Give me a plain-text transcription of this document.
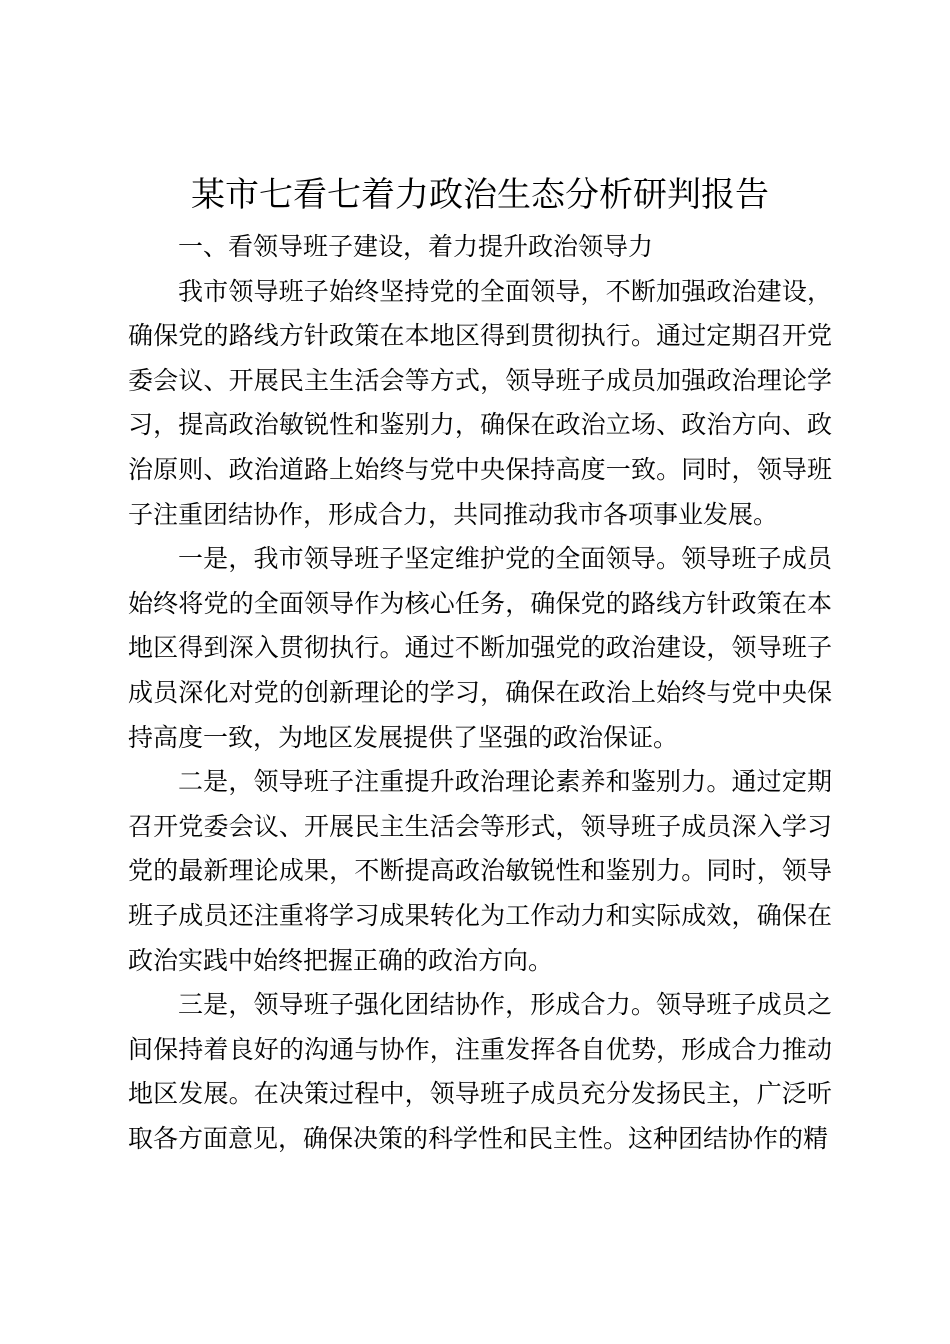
某市七看七着力政治生态分析研判报告

一、看领导班子建设，着力提升政治领导力

我市领导班子始终坚持党的全面领导，不断加强政治建设，确保党的路线方针政策在本地区得到贯彻执行。通过定期召开党委会议、开展民主生活会等方式，领导班子成员加强政治理论学习，提高政治敏锐性和鉴别力，确保在政治立场、政治方向、政治原则、政治道路上始终与党中央保持高度一致。同时，领导班子注重团结协作，形成合力，共同推动我市各项事业发展。

一是，我市领导班子坚定维护党的全面领导。领导班子成员始终将党的全面领导作为核心任务，确保党的路线方针政策在本地区得到深入贯彻执行。通过不断加强党的政治建设，领导班子成员深化对党的创新理论的学习，确保在政治上始终与党中央保持高度一致，为地区发展提供了坚强的政治保证。

二是，领导班子注重提升政治理论素养和鉴别力。通过定期召开党委会议、开展民主生活会等形式，领导班子成员深入学习党的最新理论成果，不断提高政治敏锐性和鉴别力。同时，领导班子成员还注重将学习成果转化为工作动力和实际成效，确保在政治实践中始终把握正确的政治方向。

三是，领导班子强化团结协作，形成合力。领导班子成员之间保持着良好的沟通与协作，注重发挥各自优势，形成合力推动地区发展。在决策过程中，领导班子成员充分发扬民主，广泛听取各方面意见，确保决策的科学性和民主性。这种团结协作的精
